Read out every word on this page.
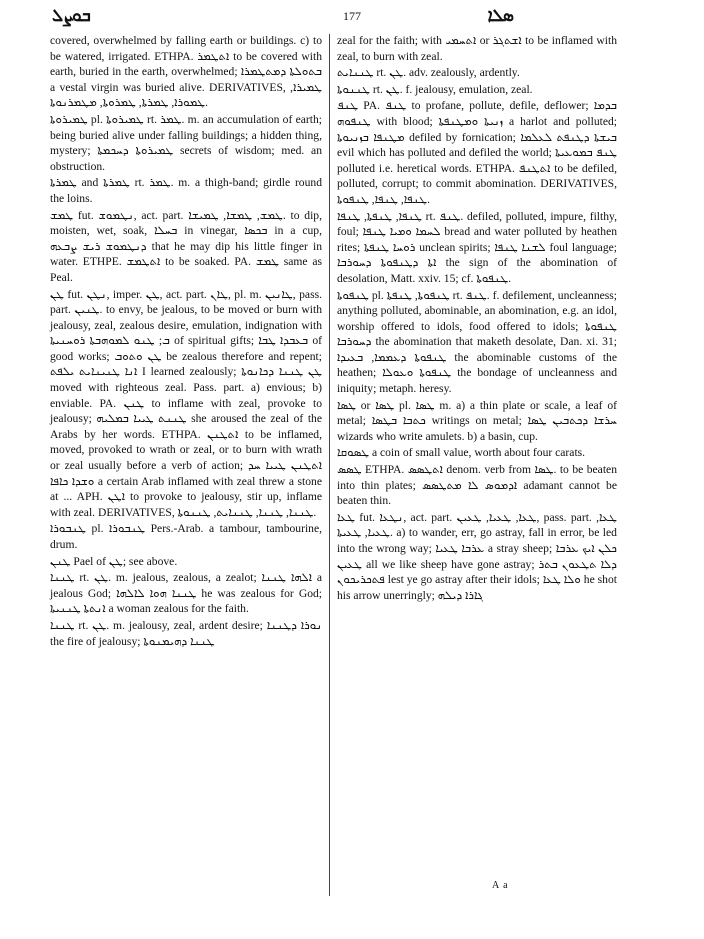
ܒܘܨܠ	177	ܣܠܐ
covered, overwhelmed by falling earth or buildings. c) to be watered, irrigated. ETHPA. ܐܬܛܡܪ to be covered with earth, buried in the earth, overwhelmed; ܒܬܘܠܬܐ ܕܡܬܛܡܪܐ a vestal virgin was buried alive. DERIVATIVES, ܛܡܝܪܐ, ܛܡܘܪܐ, ܛܡܪܬܐ, ܛܡܪܘܬܐ, ܡܛܡܪܢܘܬܐ.
ܛܡܝܪܘܬܐ pl. ܛܡܝܪܘܬܐ rt. ܛܡܪ. m. an accumulation of earth; being buried alive under falling buildings; a hidden thing, mystery; ܛܡܝܪܘܬܐ ܕܚܟܡܬܐ secrets of wisdom; med. an obstruction.
ܛܡܪܬܐ and ܛܡܪܬܐ rt. ܛܡܪ. m. a thigh-band; girdle round the loins.
ܛܡܫ fut. ܢܛܡܘܫ, act. part. ܛܡܫ, ܛܡܫܐ, ܛܡܝܫܐ. to dip, moisten, wet, soak, ܒܚܠܐ in vinegar, ܒܟܣܐ in a cup, ܕܢܛܡܘܫ ܪܝܫ ܨܒܥܗ that he may dip his little finger in water. ETHPE. ܐܬܛܡܫ to be soaked. PA. ܛܡܫ same as Peal.
ܛܢ fut. ܢܛܢ, imper. ܛܢ, act. part. ܛܐܢ, pl. m. ܛܐܢܝܢ, pass. part. ܛܢܝܢ. to envy, be jealous, to be moved or burn with jealousy, zeal, zealous desire, emulation, indignation with ܒ; ܛܢܘ ܠܡܘܗܒܬܐ ܪܘܚܢܝܬܐ of spiritual gifts; ܒܥܒܕܐ ܛܒܐ of good works; ܛܢ ܘܬܘܒ be zealous therefore and repent; ܐܢܐ ܛܢܝܢܐܝܬ ܝܠܦܬ I learned zealously; ܛܢ ܛܢܢܐ ܕܟܐܢܘܬܐ moved with righteous zeal. Pass. part. a) envious; b) enviable. PA. ܛܢܢ to inflame with zeal, provoke to jealousy; ܛܢܢܬ ܛܝܝܐ ܒܡܠܝܗ she aroused the zeal of the Arabs by her words. ETHPA. ܐܬܛܢܢ to be inflamed, moved, provoked to wrath or zeal, or to burn with wrath or zeal usually before a verb of action; ܐܬܛܢܢ ܛܝܝܐ ܚܕ ܘܫܕܐ ܟܐܦܐ a certain Arab inflamed with zeal threw a stone at ... APH. ܐܛܢ to provoke to jealousy, stir up, inflame with zeal. DERIVATIVES, ܛܢܢܐ, ܛܢܢܐ, ܛܢܢܐܝܬ, ܛܢܢܘܬܐ.
ܛܢܒܘܪܐ pl. ܛܢܒܘܪܐ Pers.-Arab. a tambour, tambourine, drum.
ܛܢܢ Pael of ܛܢ; see above.
ܛܢܢܐ rt. ܛܢ. m. jealous, zealous, a zealot; ܐܠܗܐ ܛܢܢܐ a jealous God; ܛܢܢܐ ܗܘܐ ܠܐܠܗܐ he was zealous for God; ܐܢܬܬܐ ܛܢܢܝܬܐ a woman zealous for the faith.
ܛܢܢܐ rt. ܛܢ. m. jealousy, zeal, ardent desire; ܢܘܪܐ ܕܛܢܢܐ the fire of jealousy; ܛܢܢܐ ܕܗܝܡܢܘܬܐ
zeal for the faith; with ܐܬܚܡܝ or ܐܫܬܓܪ to be inflamed with zeal, to burn with zeal.
ܛܢܢܐܝܬ rt. ܛܢ. adv. zealously, ardently.
ܛܢܢܘܬܐ rt. ܛܢ. f. jealousy, emulation, zeal.
ܛܢܦ PA. ܛܢܦ to profane, pollute, defile, deflower; ܒܕܡܐ ܛܢܦܘܗ with blood; ܙܢܝܬܐ ܘܡܛܢܦܬܐ a harlot and polluted; ܡܛܢܦܐ ܒܙܢܝܘܬܐ defiled by fornication; ܒܝܫܬܐ ܕܛܢܦܬ ܠܥܠܡܐ evil which has polluted and defiled the world; ܛܢܦ ܒܡܘܥܝܬܐ polluted i.e. heretical words. ETHPA. ܐܬܛܢܦ to be defiled, polluted, corrupt; to commit abomination. DERIVATIVES, ܛܢܦܐ, ܛܢܦܐ, ܛܢܦܘܬܐ.
ܛܢܦܐ, ܛܢܦܬܐ, ܛܢܦܐ rt. ܛܢܦ. defiled, polluted, impure, filthy, foul; ܠܚܡܐ ܘܡܝܐ ܛܢܦܐ bread and water polluted by heathen rites; ܪܘܚܐ ܛܢܦܬܐ unclean spirits; ܠܫܢܐ ܛܢܦܐ foul language; ܐܬܐ ܕܛܢܦܘܬܐ ܕܚܘܪܒܐ the sign of the abomination of desolation, Matt. xxiv. 15; cf. ܛܢܦܘܬܐ.
ܛܢܦܘܬܐ pl. ܛܢܦܘܬܐ, ܛܢܦܬܐ rt. ܛܢܦ. f. defilement, uncleanness; anything polluted, abominable, an abomination, e.g. an idol, worship offered to idols, food offered to idols; ܛܢܦܘܬܐ ܕܚܘܪܒܐ the abomination that maketh desolate, Dan. xi. 31; ܛܢܦܘܬܐ ܕܥܡܡܐ, ܒܥܝܕܐ the abominable customs of the heathen; ܛܢܦܘܬܐ ܘܥܘܠܐ the bondage of uncleanness and iniquity; metaph. heresy.
ܛܣܐ or ܛܣܐ pl. ܛܣܐ m. a) a thin plate or scale, a leaf of metal; ܟܬܒܐ ܒܛܣܐ writings on metal; ܚܪܫܐ ܕܟܬܒܝܢ ܛܣܐ wizards who write amulets. b) a basin, cup.
ܛܣܘܩܐ a coin of small value, worth about four carats.
ܛܣܣ ETHPA. ܐܬܛܣܣ denom. verb from ܛܣܐ. to be beaten into thin plates; ܐܕܡܘܣ ܠܐ ܡܬܛܣܣ adamant cannot be beaten thin.
ܛܥܐ fut. ܢܛܥܐ, act. part. ܛܥܐ, ܛܥܝܐ, ܛܥܝܢ, pass. part. ܛܥܐ, ܛܥܝܐ, ܛܥܝܬܐ. a) to wander, err, go astray, fall in error, be led into the wrong way; ܥܪܒܐ ܛܥܝܐ a stray sheep; ܟܠܢ ܐܝܟ ܥܪܒܐ ܛܥܝܢ all we like sheep have gone astray; ܕܠܐ ܬܛܥܘܢ ܒܬܪ ܦܬܟܪܝܟܘܢ lest ye go astray after their idols; ܘܠܐ ܛܥܐ he shot his arrow unerringly; ܓܐܪܐ ܕܝܠܗ
A a
